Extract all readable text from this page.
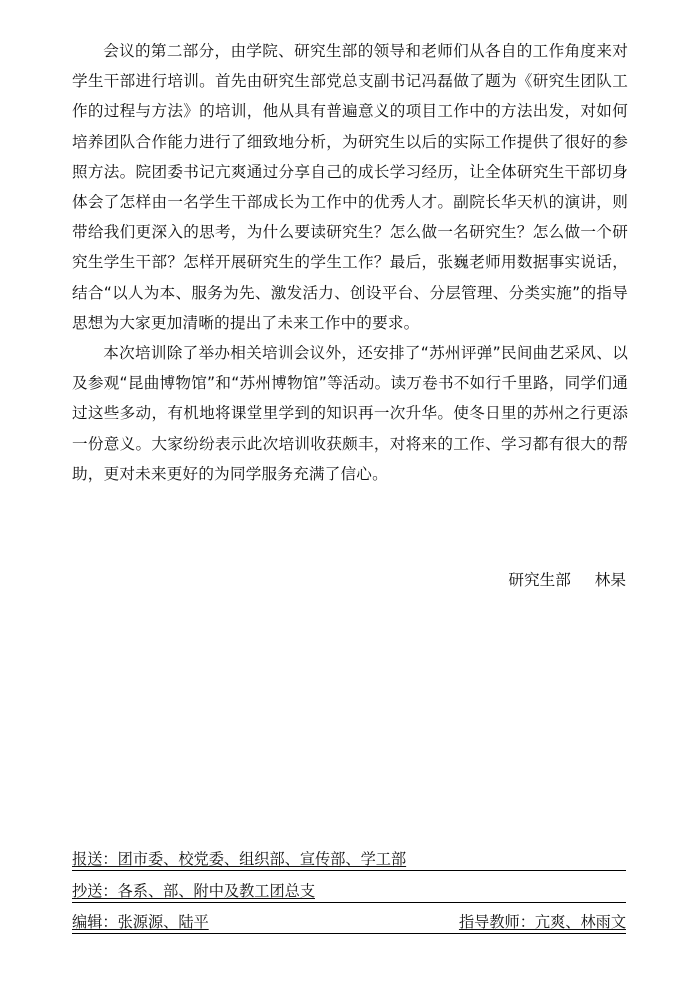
会议的第二部分，由学院、研究生部的领导和老师们从各自的工作角度来对学生干部进行培训。首先由研究生部党总支副书记冯磊做了题为《研究生团队工作的过程与方法》的培训，他从具有普遍意义的项目工作中的方法出发，对如何培养团队合作能力进行了细致地分析，为研究生以后的实际工作提供了很好的参照方法。院团委书记亢爽通过分享自己的成长学习经历，让全体研究生干部切身体会了怎样由一名学生干部成长为工作中的优秀人才。副院长华天朳的演讲，则带给我们更深入的思考，为什么要读研究生？怎么做一名研究生？怎么做一个研究生学生干部？怎样开展研究生的学生工作？最后，张巍老师用数据事实说话，结合“以人为本、服务为先、激发活力、创设平台、分层管理、分类实施”的指导思想为大家更加清晰的提出了未来工作中的要求。

本次培训除了举办相关培训会议外，还安排了“苏州评弹”民间曲艺采风、以及参观“昆曲博物馆”和“苏州博物馆”等活动。读万卷书不如行千里路，同学们通过这些多动，有机地将课堂里学到的知识再一次升华。使冬日里的苏州之行更添一份意义。大家纷纷表示此次培训收获颇丰，对将来的工作、学习都有很大的帮助，更对未来更好的为同学服务充满了信心。

研究生部 林杲
报送：团市委、校党委、组织部、宣传部、学工部
抄送：各系、部、附中及教工团总支
编辑：张源源、陆平	指导教师：亢爽、林雨文
